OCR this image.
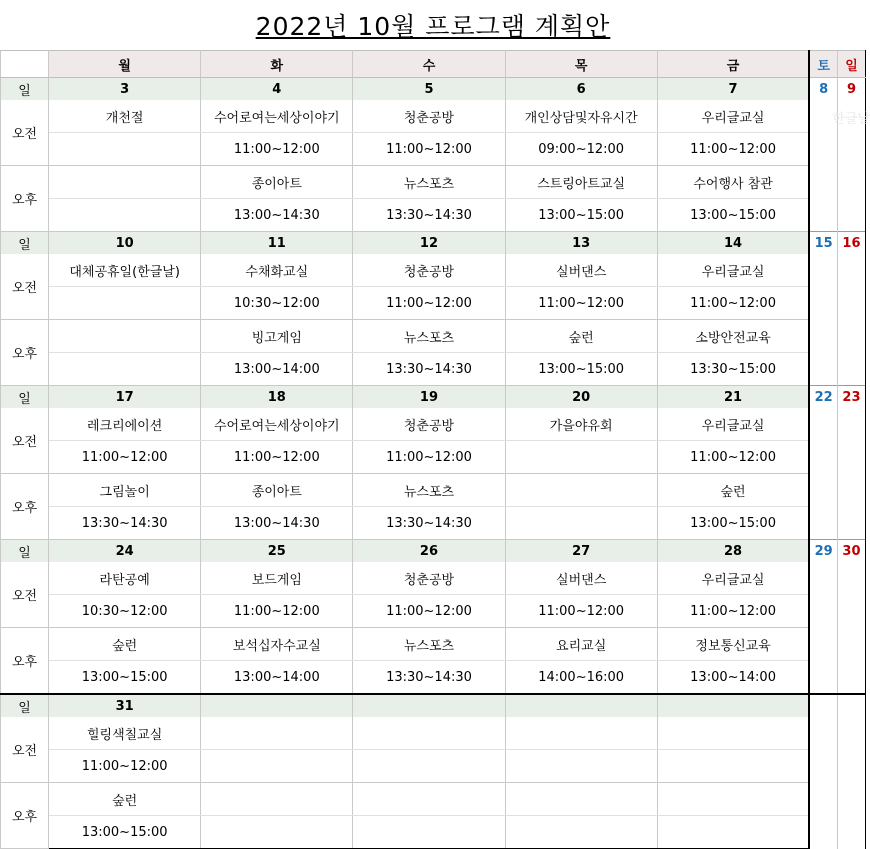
2022년 10월 프로그램 계획안
	월	화	수	목	금	토	일
일	3	4	5	6	7	8	9
오전	개천절	수어로여는세상이야기	청춘공방	개인상담및자유시간	우리글교실	한글날	
		11:00~12:00	11:00~12:00	09:00~12:00	11:00~12:00		
오후		종이아트	뉴스포츠	스트링아트교실	수어행사 참관		
		13:00~14:30	13:30~14:30	13:00~15:00	13:00~15:00		
일	10	11	12	13	14	15	16
오전	대체공휴일(한글날)	수채화교실	청춘공방	실버댄스	우리글교실		
		10:30~12:00	11:00~12:00	11:00~12:00	11:00~12:00		
오후		빙고게임	뉴스포츠	숲런	소방안전교육		
		13:00~14:00	13:30~14:30	13:00~15:00	13:30~15:00		
일	17	18	19	20	21	22	23
오전	레크리에이션	수어로여는세상이야기	청춘공방	가을야유회	우리글교실		
	11:00~12:00	11:00~12:00	11:00~12:00		11:00~12:00		
오후	그림놀이	종이아트	뉴스포츠		숲런		
	13:30~14:30	13:00~14:30	13:30~14:30		13:00~15:00		
일	24	25	26	27	28	29	30
오전	라탄공예	보드게임	청춘공방	실버댄스	우리글교실		
	10:30~12:00	11:00~12:00	11:00~12:00	11:00~12:00	11:00~12:00		
오후	숲런	보석십자수교실	뉴스포츠	요리교실	정보통신교육		
	13:00~15:00	13:00~14:00	13:30~14:30	14:00~16:00	13:00~14:00		
일	31						
오전	힐링색칠교실						
	11:00~12:00						
오후	숲런						
	13:00~15:00						
